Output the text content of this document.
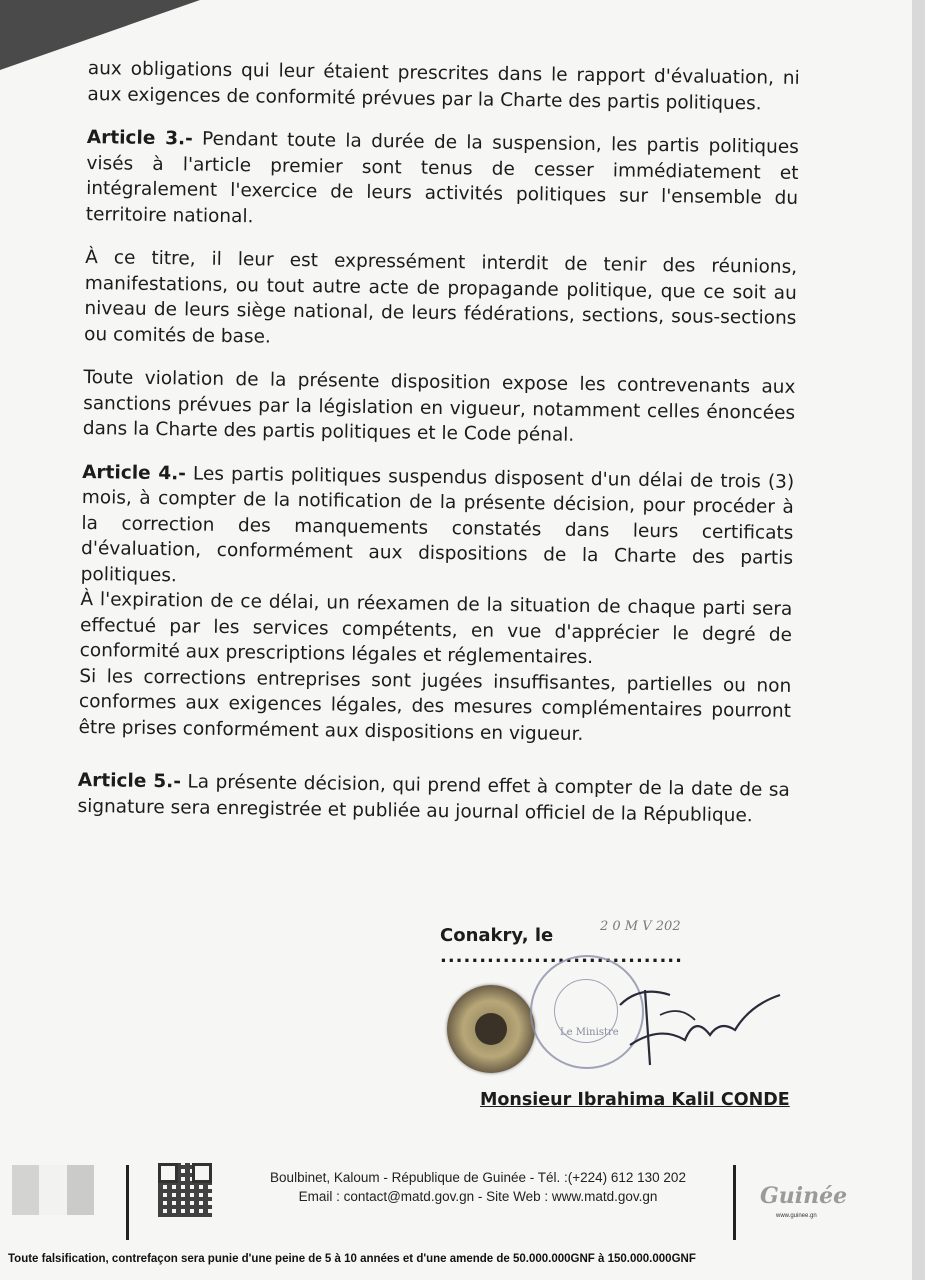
aux obligations qui leur étaient prescrites dans le rapport d'évaluation, ni aux exigences de conformité prévues par la Charte des partis politiques.

Article 3.- Pendant toute la durée de la suspension, les partis politiques visés à l'article premier sont tenus de cesser immédiatement et intégralement l'exercice de leurs activités politiques sur l'ensemble du territoire national.

À ce titre, il leur est expressément interdit de tenir des réunions, manifestations, ou tout autre acte de propagande politique, que ce soit au niveau de leurs siège national, de leurs fédérations, sections, sous-sections ou comités de base.

Toute violation de la présente disposition expose les contrevenants aux sanctions prévues par la législation en vigueur, notamment celles énoncées dans la Charte des partis politiques et le Code pénal.

Article 4.- Les partis politiques suspendus disposent d'un délai de trois (3) mois, à compter de la notification de la présente décision, pour procéder à la correction des manquements constatés dans leurs certificats d'évaluation, conformément aux dispositions de la Charte des partis politiques.

À l'expiration de ce délai, un réexamen de la situation de chaque parti sera effectué par les services compétents, en vue d'apprécier le degré de conformité aux prescriptions légales et réglementaires.

Si les corrections entreprises sont jugées insuffisantes, partielles ou non conformes aux exigences légales, des mesures complémentaires pourront être prises conformément aux dispositions en vigueur.

Article 5.- La présente décision, qui prend effet à compter de la date de sa signature sera enregistrée et publiée au journal officiel de la République.

Conakry, le ...............................
2 0 M V 202
Le Ministre
Monsieur Ibrahima Kalil CONDE
Boulbinet, Kaloum - République de Guinée - Tél. :(+224) 612 130 202
Email : contact@matd.gov.gn - Site Web : www.matd.gov.gn	Guinée
www.guinee.gn
Toute falsification, contrefaçon sera punie d'une peine de 5 à 10 années et d'une amende de 50.000.000GNF à 150.000.000GNF
